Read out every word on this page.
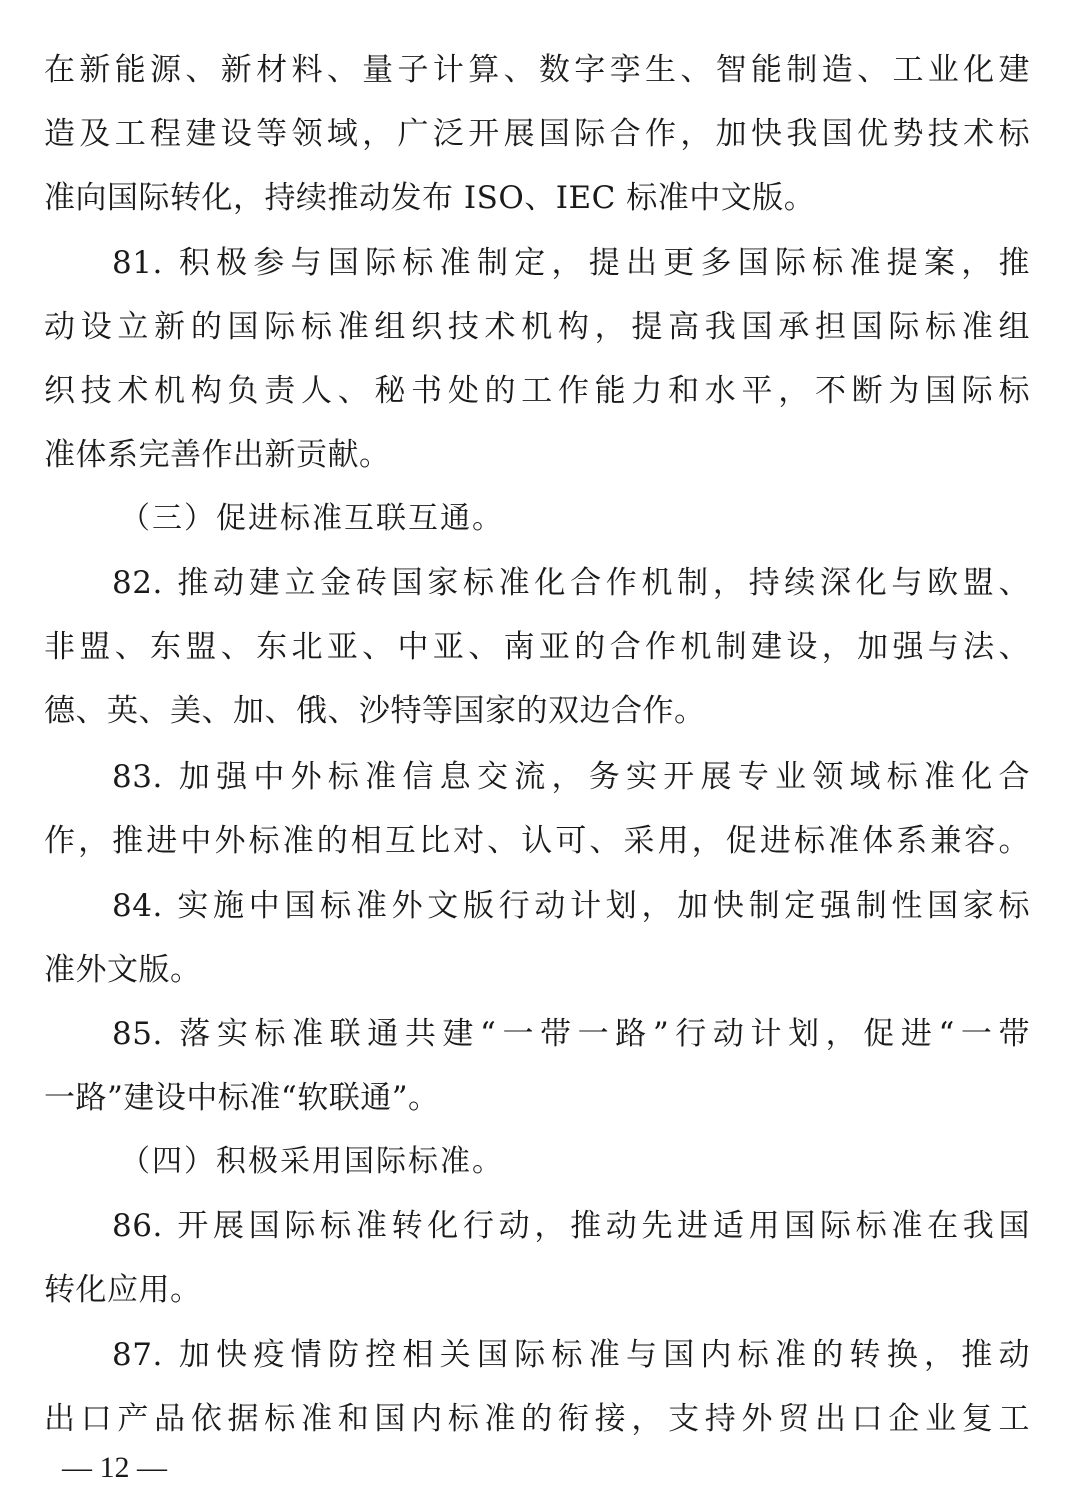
在新能源、新材料、量子计算、数字孪生、智能制造、工业化建
造及工程建设等领域，广泛开展国际合作，加快我国优势技术标
准向国际转化，持续推动发布 ISO、IEC 标准中文版。
81. 积极参与国际标准制定，提出更多国际标准提案，推
动设立新的国际标准组织技术机构，提高我国承担国际标准组
织技术机构负责人、秘书处的工作能力和水平，不断为国际标
准体系完善作出新贡献。
（三）促进标准互联互通。
82. 推动建立金砖国家标准化合作机制，持续深化与欧盟、
非盟、东盟、东北亚、中亚、南亚的合作机制建设，加强与法、
德、英、美、加、俄、沙特等国家的双边合作。
83. 加强中外标准信息交流，务实开展专业领域标准化合
作，推进中外标准的相互比对、认可、采用，促进标准体系兼容。
84. 实施中国标准外文版行动计划，加快制定强制性国家标
准外文版。
85. 落实标准联通共建“一带一路”行动计划，促进“一带
一路”建设中标准“软联通”。
（四）积极采用国际标准。
86. 开展国际标准转化行动，推动先进适用国际标准在我国
转化应用。
87. 加快疫情防控相关国际标准与国内标准的转换，推动
出口产品依据标准和国内标准的衔接，支持外贸出口企业复工
— 12 —
